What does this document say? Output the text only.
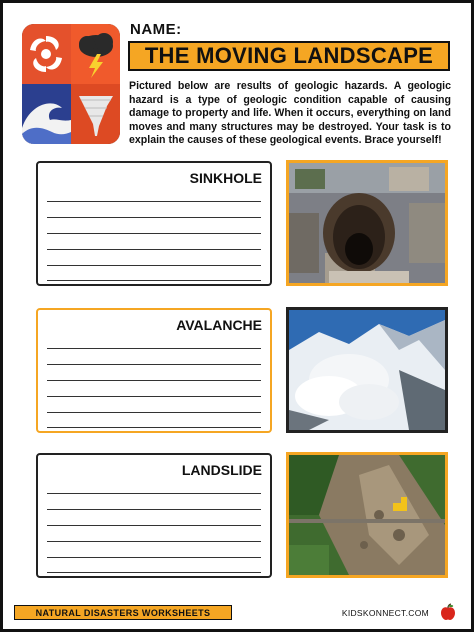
NAME:
THE MOVING LANDSCAPE
Pictured below are results of geologic hazards. A geologic hazard is a type of geologic condition capable of causing damage to property and life. When it occurs, everything on land moves and many structures may be destroyed. Your task is to explain the causes of these geological events. Brace yourself!
SINKHOLE
AVALANCHE
LANDSLIDE
NATURAL DISASTERS WORKSHEETS	KIDSKONNECT.COM
